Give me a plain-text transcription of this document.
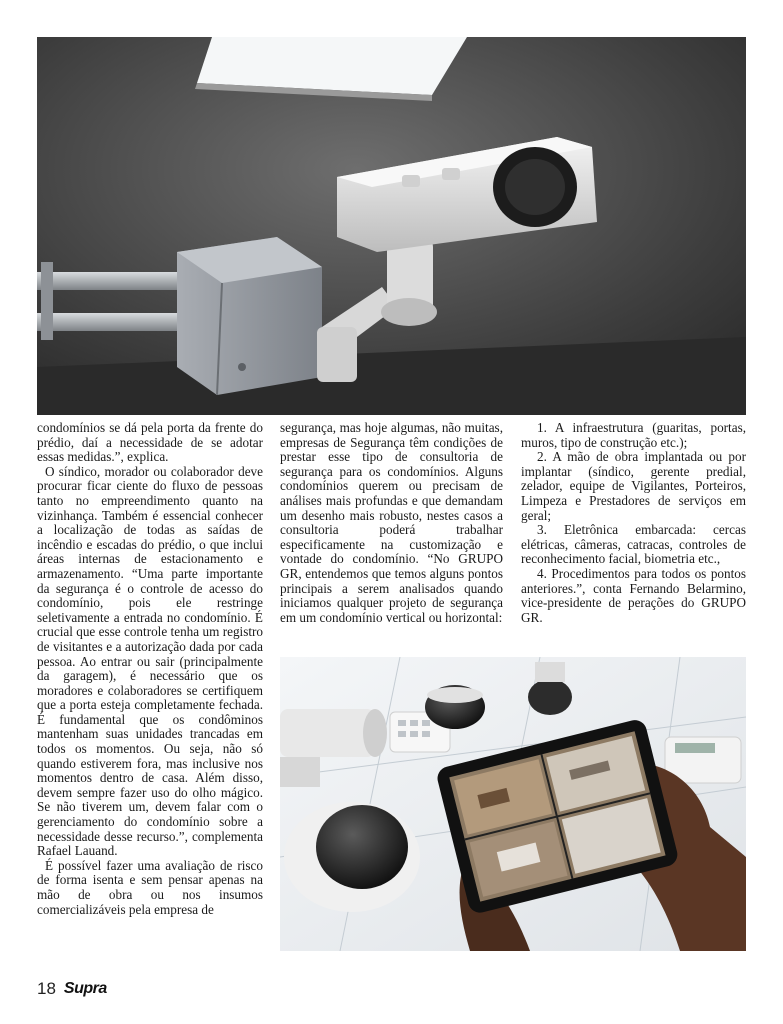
condomínios se dá pela porta da frente do prédio, daí a necessidade de se adotar essas medidas.”, explica.

O síndico, morador ou colaborador deve procurar ficar ciente do fluxo de pessoas tanto no empreendimento quanto na vizinhança. Também é essencial conhecer a localização de todas as saídas de incêndio e escadas do prédio, o que inclui áreas internas de estacionamento e armazenamento. “Uma parte importante da segurança é o controle de acesso do condomínio, pois ele restringe seletivamente a entrada no condomínio. É crucial que esse controle tenha um registro de visitantes e a autorização dada por cada pessoa. Ao entrar ou sair (principalmente da garagem), é necessário que os moradores e colaboradores se certifiquem que a porta esteja completamente fechada. É fundamental que os condôminos mantenham suas unidades trancadas em todos os momentos. Ou seja, não só quando estiverem fora, mas inclusive nos momentos dentro de casa. Além disso, devem sempre fazer uso do olho mágico. Se não tiverem um, devem falar com o gerenciamento do condomínio sobre a necessidade desse recurso.”, complementa Rafael Lauand.

É possível fazer uma avaliação de risco de forma isenta e sem pensar apenas na mão de obra ou nos insumos comercializáveis pela empresa de

segurança, mas hoje algumas, não muitas, empresas de Segurança têm condições de prestar esse tipo de consultoria de segurança para os condomínios. Alguns condomínios querem ou precisam de análises mais profundas e que demandam um desenho mais robusto, nestes casos a consultoria poderá trabalhar especificamente na customização e vontade do condomínio. “No GRUPO GR, entendemos que temos alguns pontos principais a serem analisados quando iniciamos qualquer projeto de segurança em um condomínio vertical ou horizontal:

1. A infraestrutura (guaritas, portas, muros, tipo de construção etc.);

2. A mão de obra implantada ou por implantar (síndico, gerente predial, zelador, equipe de Vigilantes, Porteiros, Limpeza e Prestadores de serviços em geral;

3. Eletrônica embarcada: cercas elétricas, câmeras, catracas, controles de reconhecimento facial, biometria etc.,

4. Procedimentos para todos os pontos anteriores.”, conta Fernando Belarmino, vice-presidente de perações do GRUPO GR.

18 Supra
